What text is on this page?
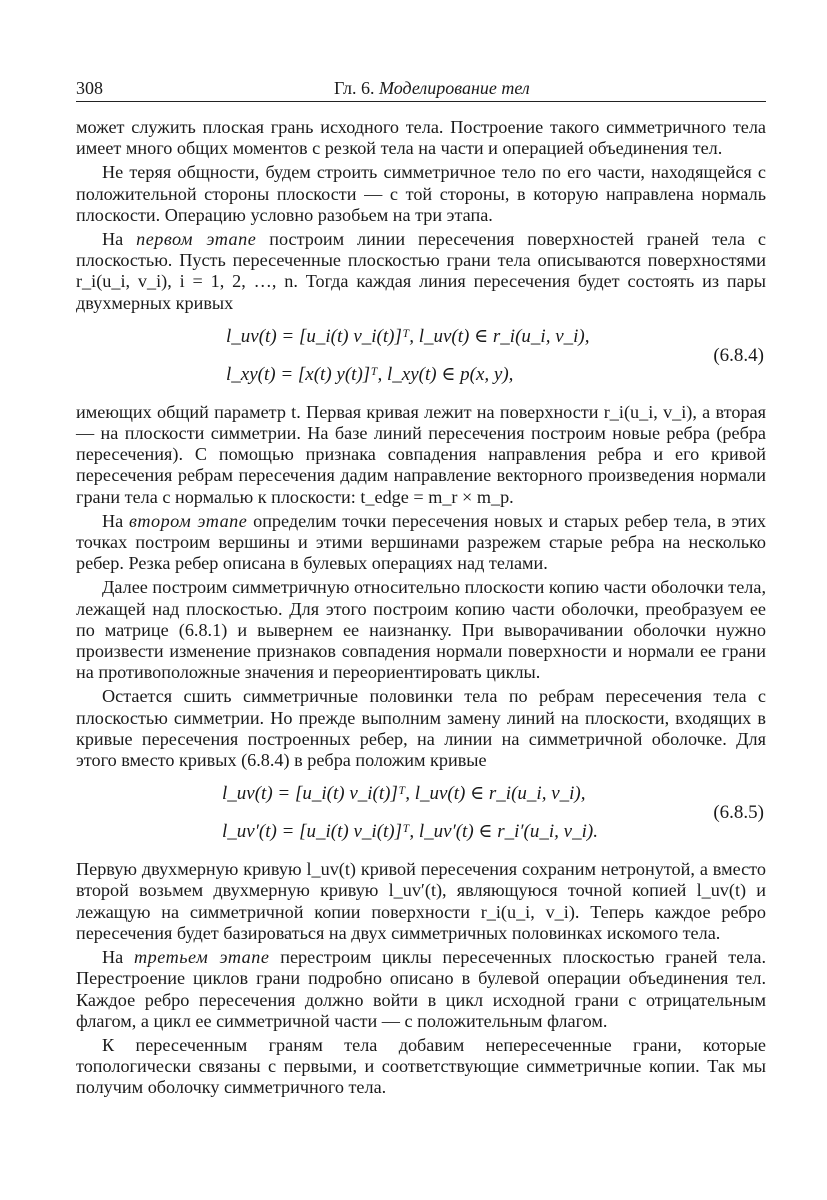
308	Гл. 6. Моделирование тел

может служить плоская грань исходного тела. Построение такого симметричного тела имеет много общих моментов с резкой тела на части и операцией объединения тел.

Не теряя общности, будем строить симметричное тело по его части, находящейся с положительной стороны плоскости — с той стороны, в которую направлена нормаль плоскости. Операцию условно разобьем на три этапа.

На первом этапе построим линии пересечения поверхностей граней тела с плоскостью. Пусть пересеченные плоскостью грани тела описываются поверхностями r_i(u_i, v_i), i = 1, 2, …, n. Тогда каждая линия пересечения будет состоять из пары двухмерных кривых

l_uv(t) = [u_i(t) v_i(t)]ᵀ, l_uv(t) ∈ r_i(u_i, v_i),
l_xy(t) = [x(t) y(t)]ᵀ, l_xy(t) ∈ p(x, y),
(6.8.4)

имеющих общий параметр t. Первая кривая лежит на поверхности r_i(u_i, v_i), а вторая — на плоскости симметрии. На базе линий пересечения построим новые ребра (ребра пересечения). С помощью признака совпадения направления ребра и его кривой пересечения ребрам пересечения дадим направление векторного произведения нормали грани тела с нормалью к плоскости: t_edge = m_r × m_p.

На втором этапе определим точки пересечения новых и старых ребер тела, в этих точках построим вершины и этими вершинами разрежем старые ребра на несколько ребер. Резка ребер описана в булевых операциях над телами.

Далее построим симметричную относительно плоскости копию части оболочки тела, лежащей над плоскостью. Для этого построим копию части оболочки, преобразуем ее по матрице (6.8.1) и вывернем ее наизнанку. При выворачивании оболочки нужно произвести изменение признаков совпадения нормали поверхности и нормали ее грани на противоположные значения и переориентировать циклы.

Остается сшить симметричные половинки тела по ребрам пересечения тела с плоскостью симметрии. Но прежде выполним замену линий на плоскости, входящих в кривые пересечения построенных ребер, на линии на симметричной оболочке. Для этого вместо кривых (6.8.4) в ребра положим кривые

l_uv(t) = [u_i(t) v_i(t)]ᵀ, l_uv(t) ∈ r_i(u_i, v_i),
l_uv′(t) = [u_i(t) v_i(t)]ᵀ, l_uv′(t) ∈ r_i′(u_i, v_i).
(6.8.5)

Первую двухмерную кривую l_uv(t) кривой пересечения сохраним нетронутой, а вместо второй возьмем двухмерную кривую l_uv′(t), являющуюся точной копией l_uv(t) и лежащую на симметричной копии поверхности r_i(u_i, v_i). Теперь каждое ребро пересечения будет базироваться на двух симметричных половинках искомого тела.

На третьем этапе перестроим циклы пересеченных плоскостью граней тела. Перестроение циклов грани подробно описано в булевой операции объединения тел. Каждое ребро пересечения должно войти в цикл исходной грани с отрицательным флагом, а цикл ее симметричной части — с положительным флагом.

К пересеченным граням тела добавим непересеченные грани, которые топологически связаны с первыми, и соответствующие симметричные копии. Так мы получим оболочку симметричного тела.
